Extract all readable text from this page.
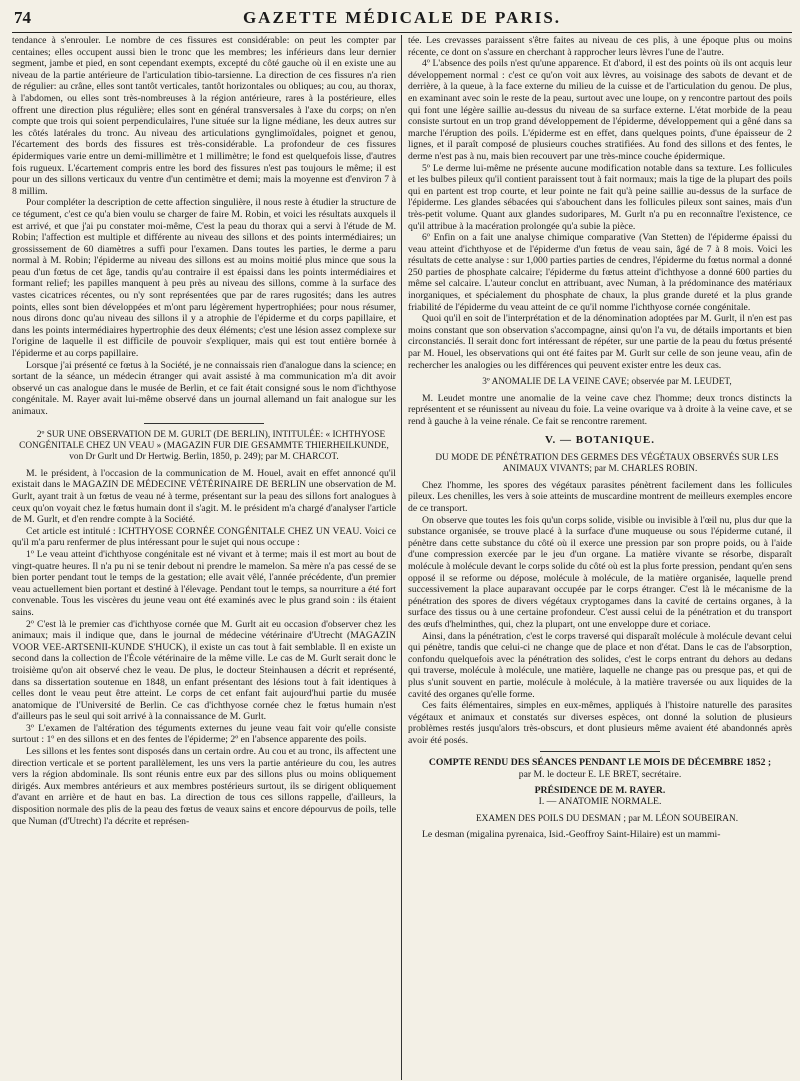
74	GAZETTE MÉDICALE DE PARIS.

tendance à s'enrouler. Le nombre de ces fissures est considérable: on peut les compter par centaines; elles occupent aussi bien le tronc que les membres; les inférieurs dans leur dernier segment, jambe et pied, en sont cependant exempts, excepté du côté gauche où il en existe une au niveau de la partie antérieure de l'articulation tibio-tarsienne. La direction de ces fissures n'a rien de régulier: au crâne, elles sont tantôt verticales, tantôt horizontales ou obliques; au cou, au thorax, à l'abdomen, ou elles sont très-nombreuses à la région antérieure, rares à la postérieure, elles offrent une direction plus régulière; elles sont en général transversales à l'axe du corps; on n'en compte que trois qui soient perpendiculaires, l'une située sur la ligne médiane, les deux autres sur les côtés latérales du tronc. Au niveau des articulations gynglimoïdales, poignet et genou, l'écartement des bords des fissures est très-considérable. La profondeur de ces fissures épidermiques varie entre un demi-millimètre et 1 millimètre; le fond est quelquefois lisse, d'autres fois rugueux. L'écartement compris entre les bord des fissures n'est pas toujours le même; il est pour un des sillons verticaux du ventre d'un centimètre et demi; mais la moyenne est d'environ 7 à 8 millim.

Pour compléter la description de cette affection singulière, il nous reste à étudier la structure de ce tégument, c'est ce qu'a bien voulu se charger de faire M. Robin, et voici les résultats auxquels il est arrivé, et que j'ai pu constater moi-même, C'est la peau du thorax qui a servi à l'étude de M. Robin; l'affection est multiple et différente au niveau des sillons et des points intermédiaires; un grossissement de 60 diamètres a suffi pour l'examen. Dans toutes les parties, le derme a paru normal à M. Robin; l'épiderme au niveau des sillons est au moins moitié plus mince que sous la peau d'un fœtus de cet âge, tandis qu'au contraire il est épaissi dans les points intermédiaires et formant relief; les papilles manquent à peu près au niveau des sillons, comme à la surface des vastes cicatrices récentes, ou n'y sont représentées que par de rares rugosités; dans les autres points, elles sont bien développées et m'ont paru légèrement hypertrophiées; pour nous résumer, nous dirons donc qu'au niveau des sillons il y a atrophie de l'épiderme et du corps papillaire, et dans les points intermédiaires hypertrophie des deux éléments; c'est une lésion assez complexe sur l'origine de laquelle il est difficile de pouvoir s'expliquer, mais qui est tout entière bornée à l'épiderme et au corps papillaire.

Lorsque j'ai présenté ce fœtus à la Société, je ne connaissais rien d'analogue dans la science; en sortant de la séance, un médecin étranger qui avait assisté à ma communication m'a dit avoir observé un cas analogue dans le musée de Berlin, et ce fait était consigné sous le nom d'ichthyose congénitale. M. Rayer avait lui-même observé dans un journal allemand un fait analogue sur les animaux.

2º SUR UNE OBSERVATION DE M. GURLT (DE BERLIN), INTITULÉE: « ICHTHYOSE CONGÉNITALE CHEZ UN VEAU » (MAGAZIN FUR DIE GESAMMTE THIERHEILKUNDE, von Dr Gurlt und Dr Hertwig. Berlin, 1850, p. 249); par M. CHARCOT.

M. le président, à l'occasion de la communication de M. Houel, avait en effet annoncé qu'il existait dans le MAGAZIN DE MÉDECINE VÉTÉRINAIRE DE BERLIN une observation de M. Gurlt, ayant trait à un fœtus de veau né à terme, présentant sur la peau des sillons fort analogues à ceux qu'on voyait chez le fœtus humain dont il s'agit. M. le président m'a chargé d'analyser l'article de M. Gurlt, et d'en rendre compte à la Société.

Cet article est intitulé : ICHTHYOSE CORNÉE CONGÉNITALE CHEZ UN VEAU. Voici ce qu'il m'a paru renfermer de plus intéressant pour le sujet qui nous occupe :

1º Le veau atteint d'ichthyose congénitale est né vivant et à terme; mais il est mort au bout de vingt-quatre heures. Il n'a pu ni se tenir debout ni prendre le mamelon. Sa mère n'a pas cessé de se bien porter pendant tout le temps de la gestation; elle avait vêlé, l'année précédente, d'un premier veau actuellement bien portant et destiné à l'élevage. Pendant tout le temps, sa nourriture a été fort convenable. Tous les viscères du jeune veau ont été examinés avec le plus grand soin : ils étaient sains.

2º C'est là le premier cas d'ichthyose cornée que M. Gurlt ait eu occasion d'observer chez les animaux; mais il indique que, dans le journal de médecine vétérinaire d'Utrecht (MAGAZIN VOOR VEE-ARTSENII-KUNDE S'HUCK), il existe un cas tout à fait semblable. Il en existe un second dans la collection de l'École vétérinaire de la même ville. Le cas de M. Gurlt serait donc le troisième qu'on ait observé chez le veau. De plus, le docteur Steinhausen a décrit et représenté, dans sa dissertation soutenue en 1848, un enfant présentant des lésions tout à fait identiques à celles dont le veau peut être atteint. Le corps de cet enfant fait aujourd'hui partie du musée anatomique de l'Université de Berlin. Ce cas d'ichthyose cornée chez le fœtus humain n'est d'ailleurs pas le seul qui soit arrivé à la connaissance de M. Gurlt.

3º L'examen de l'altération des téguments externes du jeune veau fait voir qu'elle consiste surtout : 1º en des sillons et en des fentes de l'épiderme; 2º en l'absence apparente des poils.

Les sillons et les fentes sont disposés dans un certain ordre. Au cou et au tronc, ils affectent une direction verticale et se portent parallèlement, les uns vers la partie antérieure du cou, les autres vers la région abdominale. Ils sont réunis entre eux par des sillons plus ou moins obliquement dirigés. Aux membres antérieurs et aux membres postérieurs surtout, ils se dirigent obliquement d'avant en arrière et de haut en bas. La direction de tous ces sillons rappelle, d'ailleurs, la disposition normale des plis de la peau des fœtus de veaux sains et encore dépourvus de poils, telle que Numan (d'Utrecht) l'a décrite et représen-

tée. Les crevasses paraissent s'être faites au niveau de ces plis, à une époque plus ou moins récente, ce dont on s'assure en cherchant à rapprocher leurs lèvres l'une de l'autre.

4º L'absence des poils n'est qu'une apparence. Et d'abord, il est des points où ils ont acquis leur développement normal : c'est ce qu'on voit aux lèvres, au voisinage des sabots de devant et de derrière, à la queue, à la face externe du milieu de la cuisse et de l'articulation du genou. De plus, en examinant avec soin le reste de la peau, surtout avec une loupe, on y rencontre partout des poils qui font une légère saillie au-dessus du niveau de sa surface externe. L'état morbide de la peau consiste surtout en un trop grand développement de l'épiderme, développement qui a gêné dans sa marche l'éruption des poils. L'épiderme est en effet, dans quelques points, d'une épaisseur de 2 lignes, et il paraît composé de plusieurs couches stratifiées. Au fond des sillons et des fentes, le derme n'est pas à nu, mais bien recouvert par une très-mince couche épidermique.

5º Le derme lui-même ne présente aucune modification notable dans sa texture. Les follicules et les bulbes pileux qu'il contient paraissent tout à fait normaux; mais la tige de la plupart des poils qui en partent est trop courte, et leur pointe ne fait qu'à peine saillie au-dessus de la surface de l'épiderme. Les glandes sébacées qui s'abouchent dans les follicules pileux sont saines, mais d'un très-petit volume. Quant aux glandes sudoripares, M. Gurlt n'a pu en reconnaître l'existence, ce qu'il attribue à la macération prolongée qu'a subie la pièce.

6º Enfin on a fait une analyse chimique comparative (Van Stetten) de l'épiderme épaissi du veau atteint d'ichthyose et de l'épiderme d'un fœtus de veau sain, âgé de 7 à 8 mois. Voici les résultats de cette analyse : sur 1,000 parties parties de cendres, l'épiderme du fœtus normal a donné 250 parties de phosphate calcaire; l'épiderme du fœtus atteint d'ichthyose a donné 600 parties du même sel calcaire. L'auteur conclut en attribuant, avec Numan, à la prédominance des matériaux inorganiques, et spécialement du phosphate de chaux, la plus grande dureté et la plus grande friabilité de l'épiderme du veau atteint de ce qu'il nomme l'ichthyose cornée congénitale.

Quoi qu'il en soit de l'interprétation et de la dénomination adoptées par M. Gurlt, il n'en est pas moins constant que son observation s'accompagne, ainsi qu'on l'a vu, de détails importants et bien circonstanciés. Il serait donc fort intéressant de répéter, sur une partie de la peau du fœtus présenté par M. Houel, les observations qui ont été faites par M. Gurlt sur celle de son jeune veau, afin de rechercher les analogies ou les différences qui peuvent exister entre les deux cas.

3º ANOMALIE DE LA VEINE CAVE; observée par M. LEUDET,

M. Leudet montre une anomalie de la veine cave chez l'homme; deux troncs distincts la représentent et se réunissent au niveau du foie. La veine ovarique va à droite à la veine cave, et se rend à gauche à la veine rénale. Ce fait se rencontre rarement.

V. — BOTANIQUE.

DU MODE DE PÉNÉTRATION DES GERMES DES VÉGÉTAUX OBSERVÉS SUR LES ANIMAUX VIVANTS; par M. CHARLES ROBIN.

Chez l'homme, les spores des végétaux parasites pénètrent facilement dans les follicules pileux. Les chenilles, les vers à soie atteints de muscardine montrent de meilleurs exemples encore de ce transport.

On observe que toutes les fois qu'un corps solide, visible ou invisible à l'œil nu, plus dur que la substance organisée, se trouve placé à la surface d'une muqueuse ou sous l'épiderme cutané, il pénètre dans cette substance du côté où il exerce une pression par son propre poids, ou à l'aide d'une compression exercée par le jeu d'un organe. La matière vivante se résorbe, disparaît molécule à molécule devant le corps solide du côté où est la plus forte pression, pendant qu'en sens opposé il se reforme ou dépose, molécule à molécule, de la matière organisée, laquelle prend successivement la place auparavant occupée par le corps étranger. C'est là le mécanisme de la pénétration des spores de divers végétaux cryptogames dans la cavité de certains organes, à la surface des tissus ou à une certaine profondeur. C'est aussi celui de la pénétration et du transport des œufs d'helminthes, qui, chez la plupart, ont une enveloppe dure et coriace.

Ainsi, dans la pénétration, c'est le corps traversé qui disparaît molécule à molécule devant celui qui pénètre, tandis que celui-ci ne change que de place et non d'état. Dans le cas de l'absorption, confondu quelquefois avec la pénétration des solides, c'est le corps entrant du dehors au dedans qui traverse, molécule à molécule, une matière, laquelle ne change pas ou presque pas, et qui de plus s'unit souvent en partie, molécule à molécule, à la matière traversée ou aux liquides de la cavité des organes qu'elle forme.

Ces faits élémentaires, simples en eux-mêmes, appliqués à l'histoire naturelle des parasites végétaux et animaux et constatés sur diverses espèces, ont donné la solution de plusieurs problèmes restés jusqu'alors très-obscurs, et dont plusieurs même avaient été abandonnés après avoir été posés.

COMPTE RENDU DES SÉANCES PENDANT LE MOIS DE DÉCEMBRE 1852 ;

par M. le docteur E. LE BRET, secrétaire.

PRÉSIDENCE DE M. RAYER.

I. — ANATOMIE NORMALE.

EXAMEN DES POILS DU DESMAN ; par M. LÉON SOUBEIRAN.

Le desman (migalina pyrenaica, Isid.-Geoffroy Saint-Hilaire) est un mammi-
